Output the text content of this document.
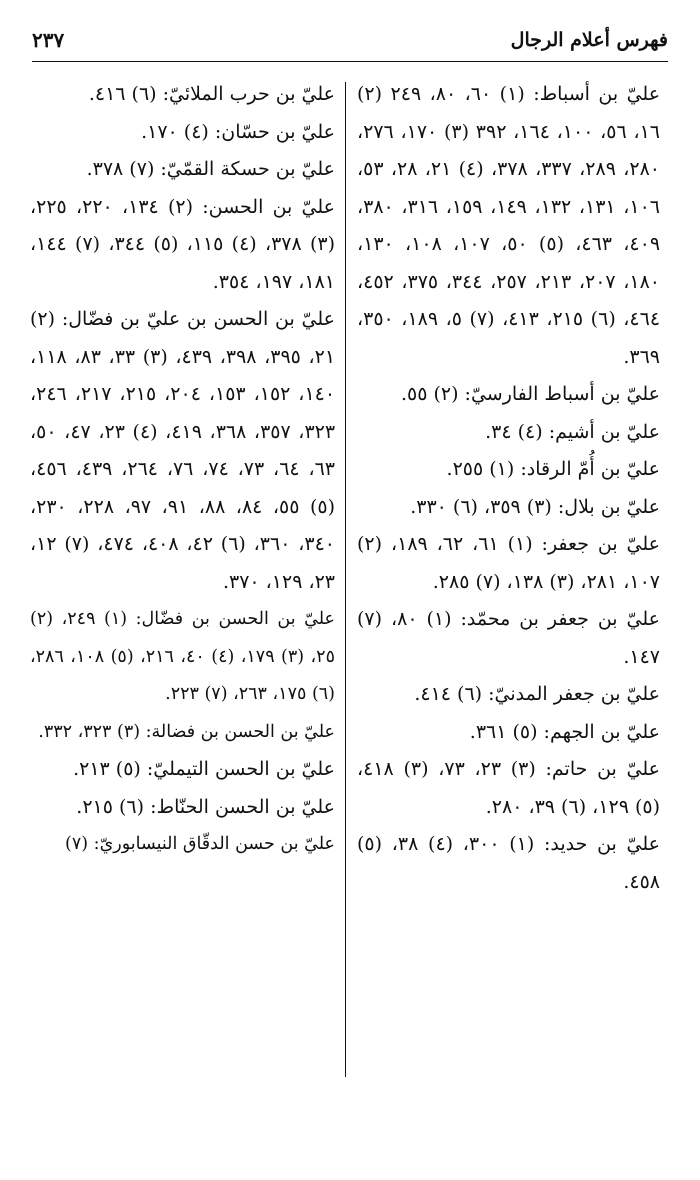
فهرس أعلام الرجال
٢٣٧

عليّ بن أسباط: (١) ٦٠، ٨٠، ٢٤٩ (٢) ١٦، ٥٦، ١٠٠، ١٦٤، ٣٩٢ (٣) ١٧٠، ٢٧٦، ٢٨٠، ٢٨٩، ٣٣٧، ٣٧٨، (٤) ٢١، ٢٨، ٥٣، ١٠٦، ١٣١، ١٣٢، ١٤٩، ١٥٩، ٣١٦، ٣٨٠، ٤٠٩، ٤٦٣، (٥) ٥٠، ١٠٧، ١٠٨، ١٣٠، ١٨٠، ٢٠٧، ٢١٣، ٢٥٧، ٣٤٤، ٣٧٥، ٤٥٢، ٤٦٤، (٦) ٢١٥، ٤١٣، (٧) ٥، ١٨٩، ٣٥٠، ٣٦٩.

عليّ بن أسباط الفارسيّ: (٢) ٥٥.

عليّ بن أشيم: (٤) ٣٤.

عليّ بن أُمّ الرقاد: (١) ٢٥٥.

عليّ بن بلال: (٣) ٣٥٩، (٦) ٣٣٠.

عليّ بن جعفر: (١) ٦١، ٦٢، ١٨٩، (٢) ١٠٧، ٢٨١، (٣) ١٣٨، (٧) ٢٨٥.

عليّ بن جعفر بن محمّد: (١) ٨٠، (٧) ١٤٧.

عليّ بن جعفر المدنيّ: (٦) ٤١٤.

عليّ بن الجهم: (٥) ٣٦١.

عليّ بن حاتم: (٣) ٢٣، ٧٣، (٣) ٤١٨، (٥) ١٢٩، (٦) ٣٩، ٢٨٠.

عليّ بن حديد: (١) ٣٠٠، (٤) ٣٨، (٥) ٤٥٨.

عليّ بن حرب الملائيّ: (٦) ٤١٦.

عليّ بن حسّان: (٤) ١٧٠.

عليّ بن حسكة القمّيّ: (٧) ٣٧٨.

عليّ بن الحسن: (٢) ١٣٤، ٢٢٠، ٢٢٥، (٣) ٣٧٨، (٤) ١١٥، (٥) ٣٤٤، (٧) ١٤٤، ١٨١، ١٩٧، ٣٥٤.

عليّ بن الحسن بن عليّ بن فضّال: (٢) ٢١، ٣٩٥، ٣٩٨، ٤٣٩، (٣) ٣٣، ٨٣، ١١٨، ١٤٠، ١٥٢، ١٥٣، ٢٠٤، ٢١٥، ٢١٧، ٢٤٦، ٣٢٣، ٣٥٧، ٣٦٨، ٤١٩، (٤) ٢٣، ٤٧، ٥٠، ٦٣، ٦٤، ٧٣، ٧٤، ٧٦، ٢٦٤، ٤٣٩، ٤٥٦، (٥) ٥٥، ٨٤، ٨٨، ٩١، ٩٧، ٢٢٨، ٢٣٠، ٣٤٠، ٣٦٠، (٦) ٤٢، ٤٠٨، ٤٧٤، (٧) ١٢، ٢٣، ١٢٩، ٣٧٠.

عليّ بن الحسن بن فضّال: (١) ٢٤٩، (٢) ٢٥، (٣) ١٧٩، (٤) ٤٠، ٢١٦، (٥) ١٠٨، ٢٨٦، (٦) ١٧٥، ٢٦٣، (٧) ٢٢٣.

عليّ بن الحسن بن فضالة: (٣) ٣٢٣، ٣٣٢.

عليّ بن الحسن التيمليّ: (٥) ٢١٣.

عليّ بن الحسن الحنّاط: (٦) ٢١٥.

عليّ بن حسن الدقّاق النيسابوريّ: (٧)
